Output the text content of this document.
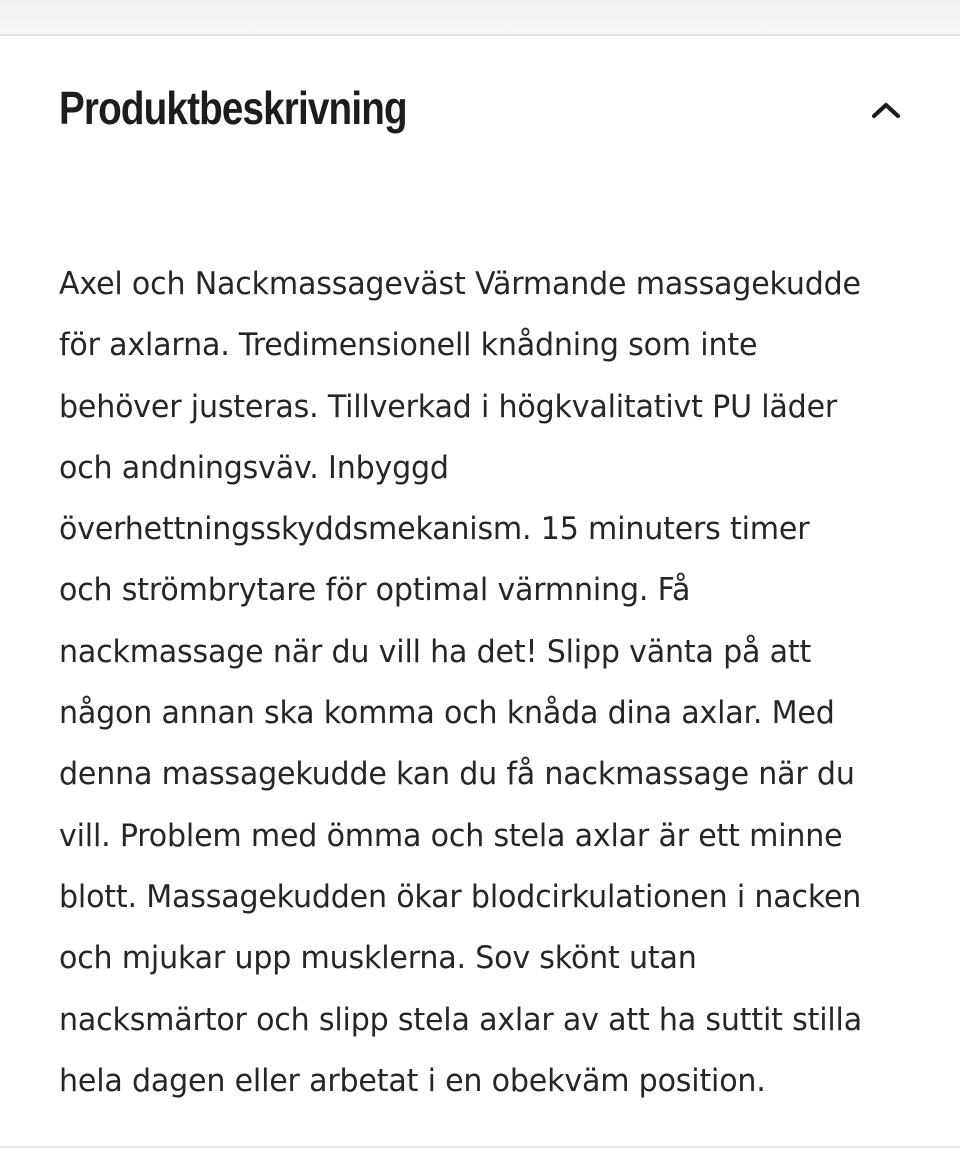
Produktbeskrivning

Axel och Nackmassageväst Värmande massagekudde för axlarna. Tredimensionell knådning som inte behöver justeras. Tillverkad i högkvalitativt PU läder och andningsväv. Inbyggd överhettningsskyddsmekanism. 15 minuters timer och strömbrytare för optimal värmning. Få nackmassage när du vill ha det! Slipp vänta på att någon annan ska komma och knåda dina axlar. Med denna massagekudde kan du få nackmassage när du vill. Problem med ömma och stela axlar är ett minne blott. Massagekudden ökar blodcirkulationen i nacken och mjukar upp musklerna. Sov skönt utan nacksmärtor och slipp stela axlar av att ha suttit stilla hela dagen eller arbetat i en obekväm position.
